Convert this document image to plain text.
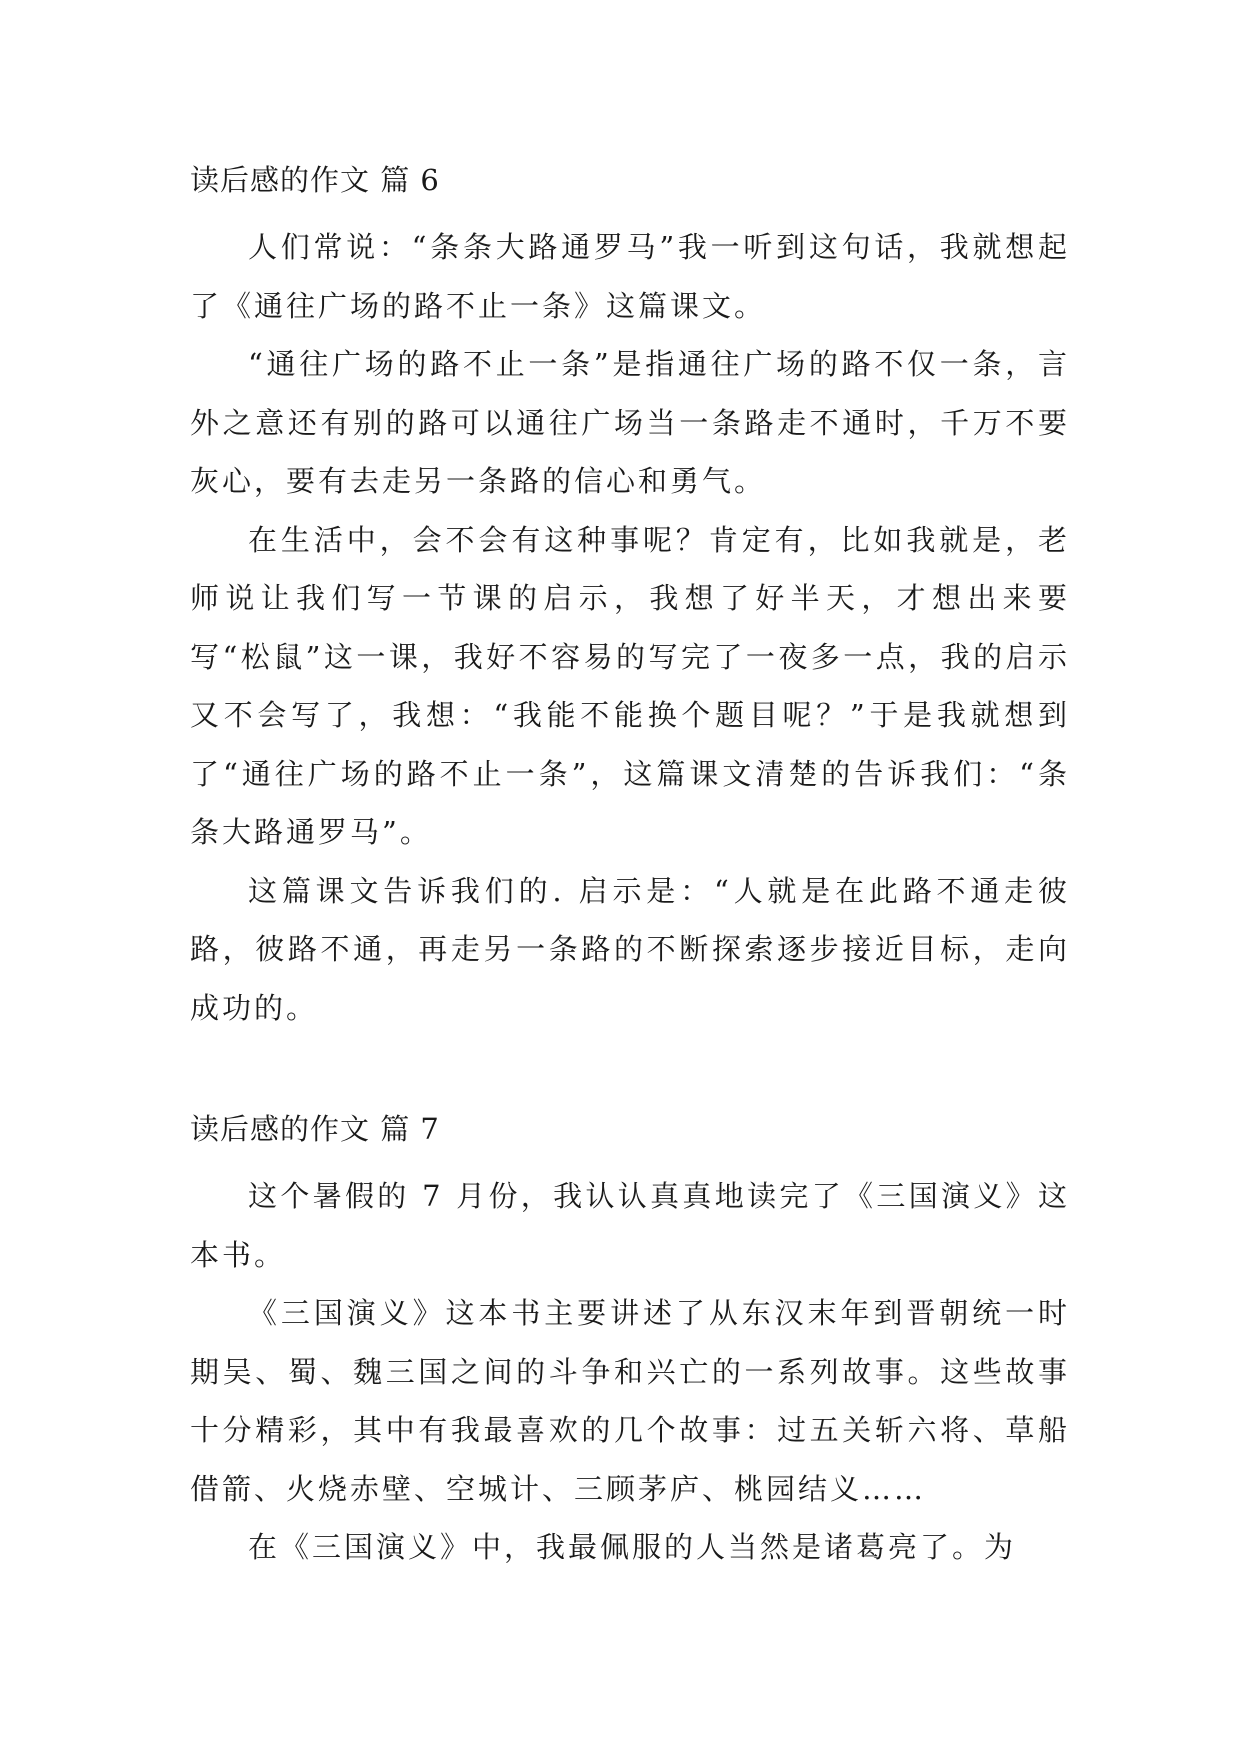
读后感的作文 篇 6

人们常说：“条条大路通罗马”我一听到这句话，我就想起了《通往广场的路不止一条》这篇课文。

“通往广场的路不止一条”是指通往广场的路不仅一条，言外之意还有别的路可以通往广场当一条路走不通时，千万不要灰心，要有去走另一条路的信心和勇气。

在生活中，会不会有这种事呢？肯定有，比如我就是，老师说让我们写一节课的启示，我想了好半天，才想出来要写“松鼠”这一课，我好不容易的写完了一夜多一点，我的启示又不会写了，我想：“我能不能换个题目呢？”于是我就想到了“通往广场的路不止一条”，这篇课文清楚的告诉我们：“条条大路通罗马”。

这篇课文告诉我们的. 启示是：“人就是在此路不通走彼路，彼路不通，再走另一条路的不断探索逐步接近目标，走向成功的。

读后感的作文 篇 7

这个暑假的 7 月份，我认认真真地读完了《三国演义》这本书。

《三国演义》这本书主要讲述了从东汉末年到晋朝统一时期吴、蜀、魏三国之间的斗争和兴亡的一系列故事。这些故事十分精彩，其中有我最喜欢的几个故事：过五关斩六将、草船借箭、火烧赤壁、空城计、三顾茅庐、桃园结义……

在《三国演义》中，我最佩服的人当然是诸葛亮了。为
